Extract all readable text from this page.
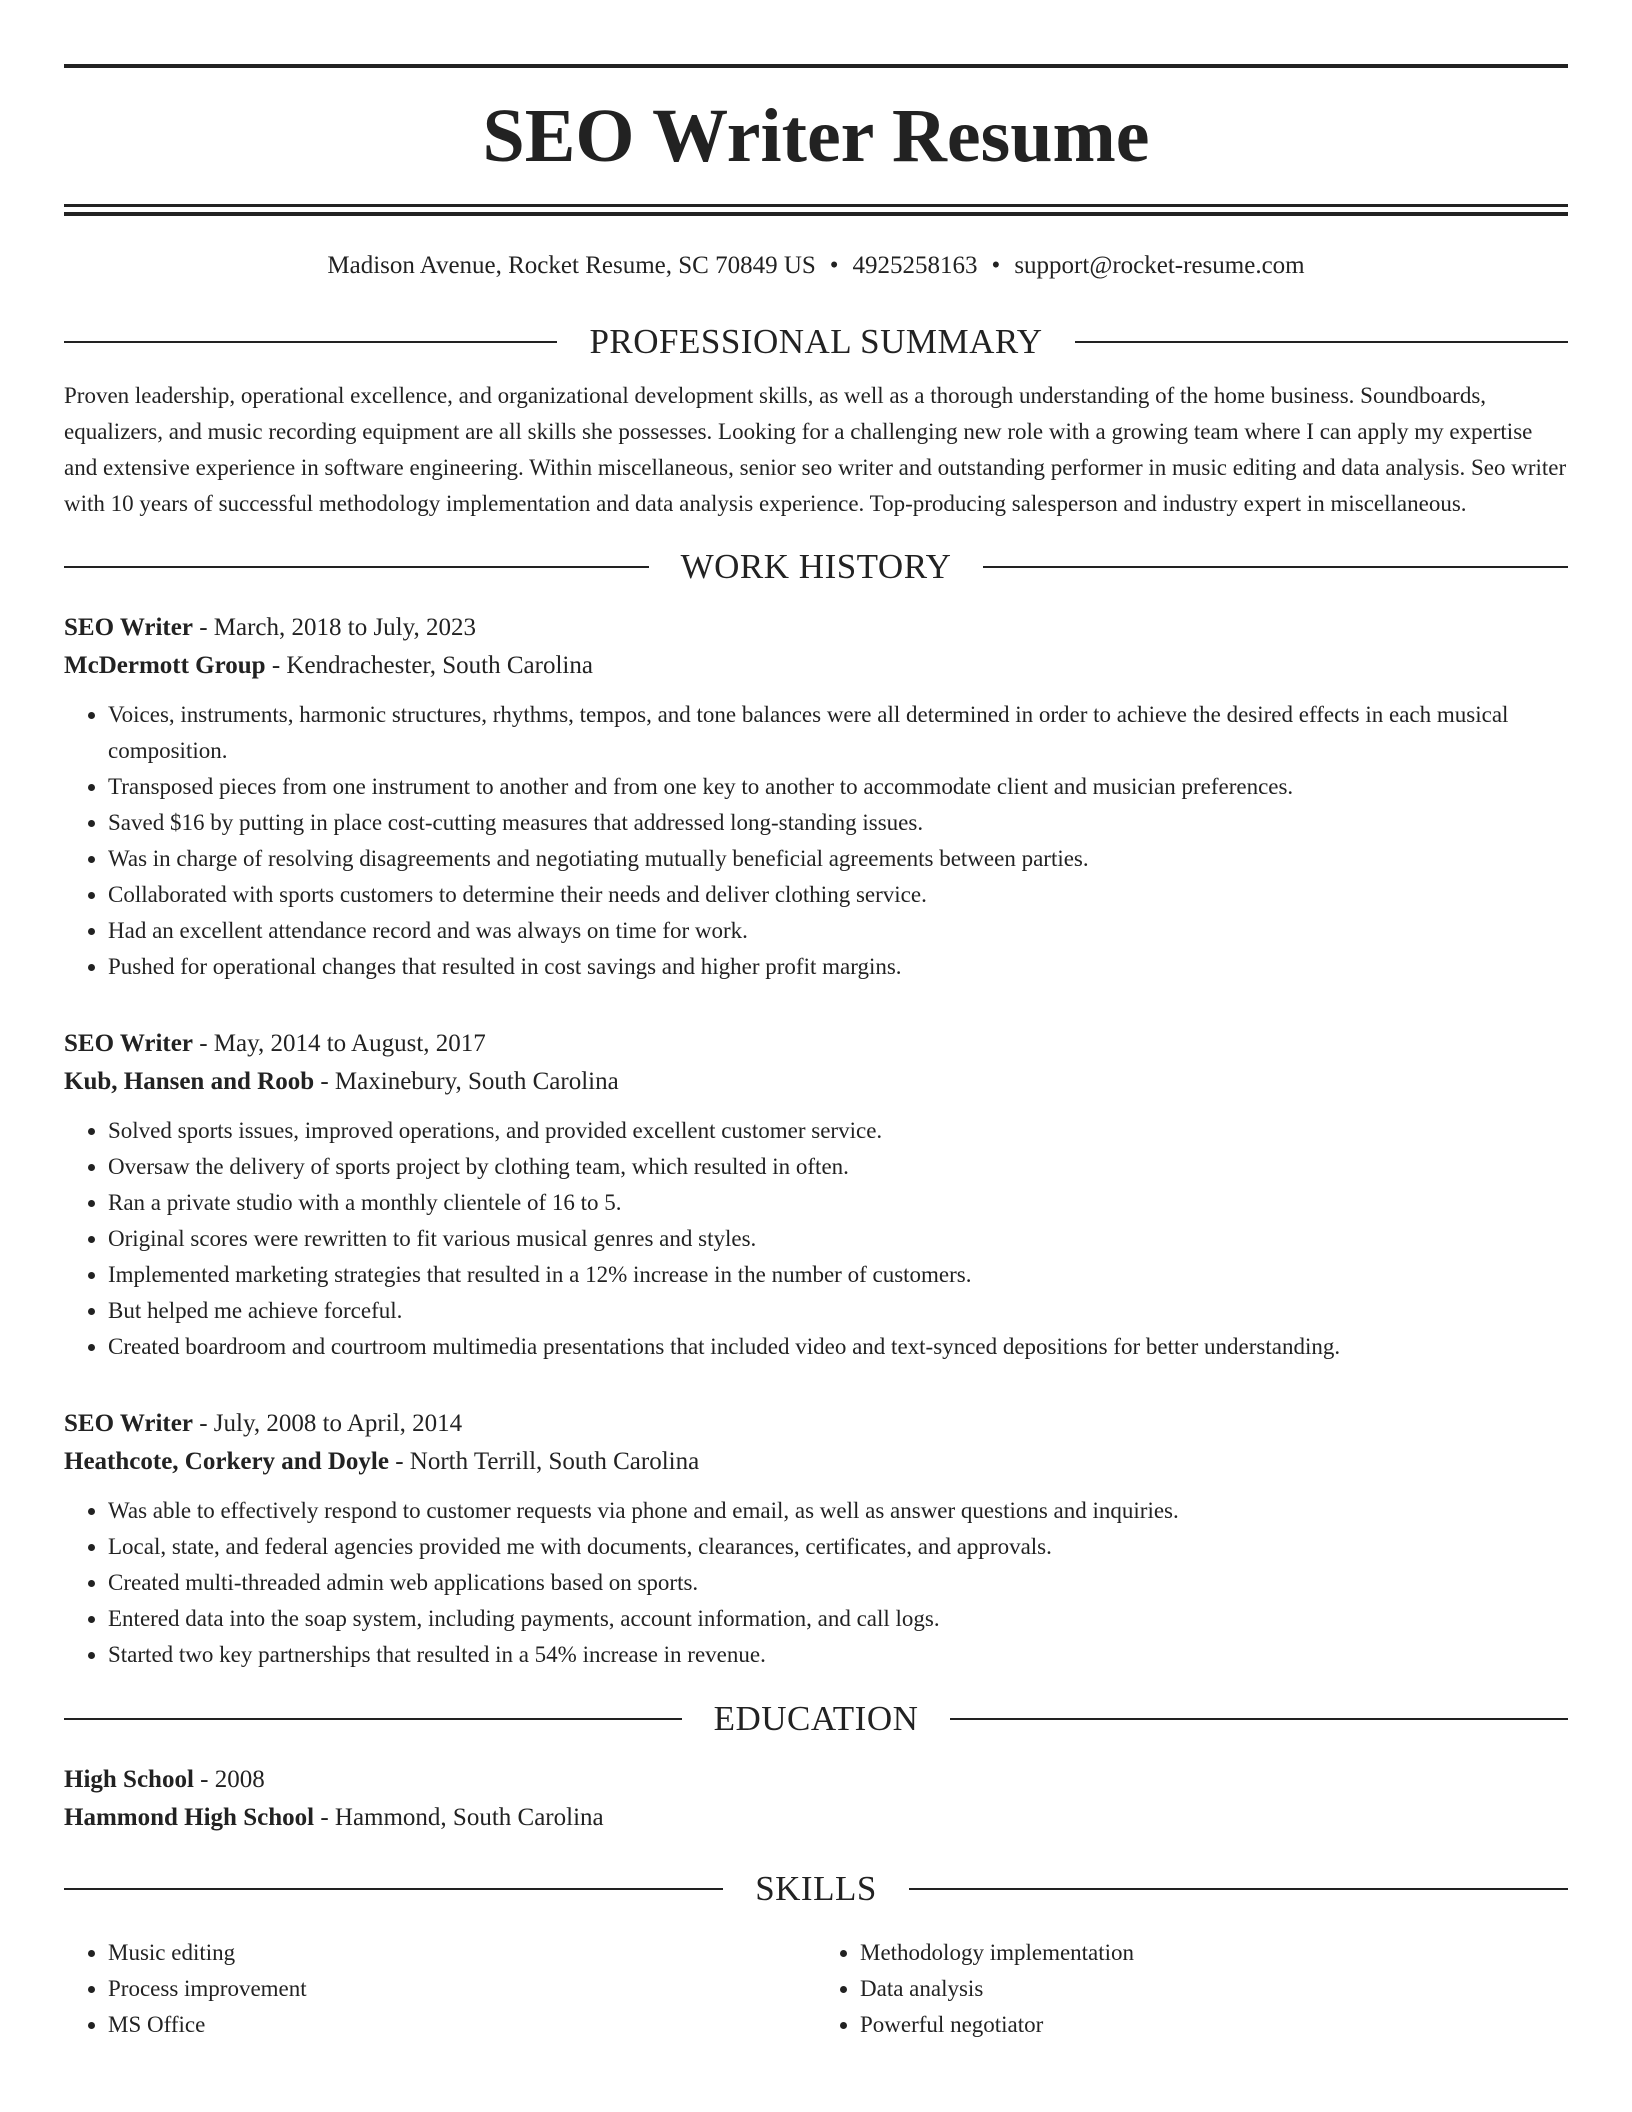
SEO Writer Resume
Madison Avenue, Rocket Resume, SC 70849 US • 4925258163 • support@rocket-resume.com
PROFESSIONAL SUMMARY

Proven leadership, operational excellence, and organizational development skills, as well as a thorough understanding of the home business. Soundboards, equalizers, and music recording equipment are all skills she possesses. Looking for a challenging new role with a growing team where I can apply my expertise and extensive experience in software engineering. Within miscellaneous, senior seo writer and outstanding performer in music editing and data analysis. Seo writer with 10 years of successful methodology implementation and data analysis experience. Top-producing salesperson and industry expert in miscellaneous.

WORK HISTORY
SEO Writer - March, 2018 to July, 2023
McDermott Group - Kendrachester, South Carolina
• Voices, instruments, harmonic structures, rhythms, tempos, and tone balances were all determined in order to achieve the desired effects in each musical composition.
• Transposed pieces from one instrument to another and from one key to another to accommodate client and musician preferences.
• Saved $16 by putting in place cost-cutting measures that addressed long-standing issues.
• Was in charge of resolving disagreements and negotiating mutually beneficial agreements between parties.
• Collaborated with sports customers to determine their needs and deliver clothing service.
• Had an excellent attendance record and was always on time for work.
• Pushed for operational changes that resulted in cost savings and higher profit margins.
SEO Writer - May, 2014 to August, 2017
Kub, Hansen and Roob - Maxinebury, South Carolina
• Solved sports issues, improved operations, and provided excellent customer service.
• Oversaw the delivery of sports project by clothing team, which resulted in often.
• Ran a private studio with a monthly clientele of 16 to 5.
• Original scores were rewritten to fit various musical genres and styles.
• Implemented marketing strategies that resulted in a 12% increase in the number of customers.
• But helped me achieve forceful.
• Created boardroom and courtroom multimedia presentations that included video and text-synced depositions for better understanding.
SEO Writer - July, 2008 to April, 2014
Heathcote, Corkery and Doyle - North Terrill, South Carolina
• Was able to effectively respond to customer requests via phone and email, as well as answer questions and inquiries.
• Local, state, and federal agencies provided me with documents, clearances, certificates, and approvals.
• Created multi-threaded admin web applications based on sports.
• Entered data into the soap system, including payments, account information, and call logs.
• Started two key partnerships that resulted in a 54% increase in revenue.
EDUCATION
High School - 2008
Hammond High School - Hammond, South Carolina
SKILLS
• Music editing
• Process improvement
• MS Office
• Methodology implementation
• Data analysis
• Powerful negotiator
